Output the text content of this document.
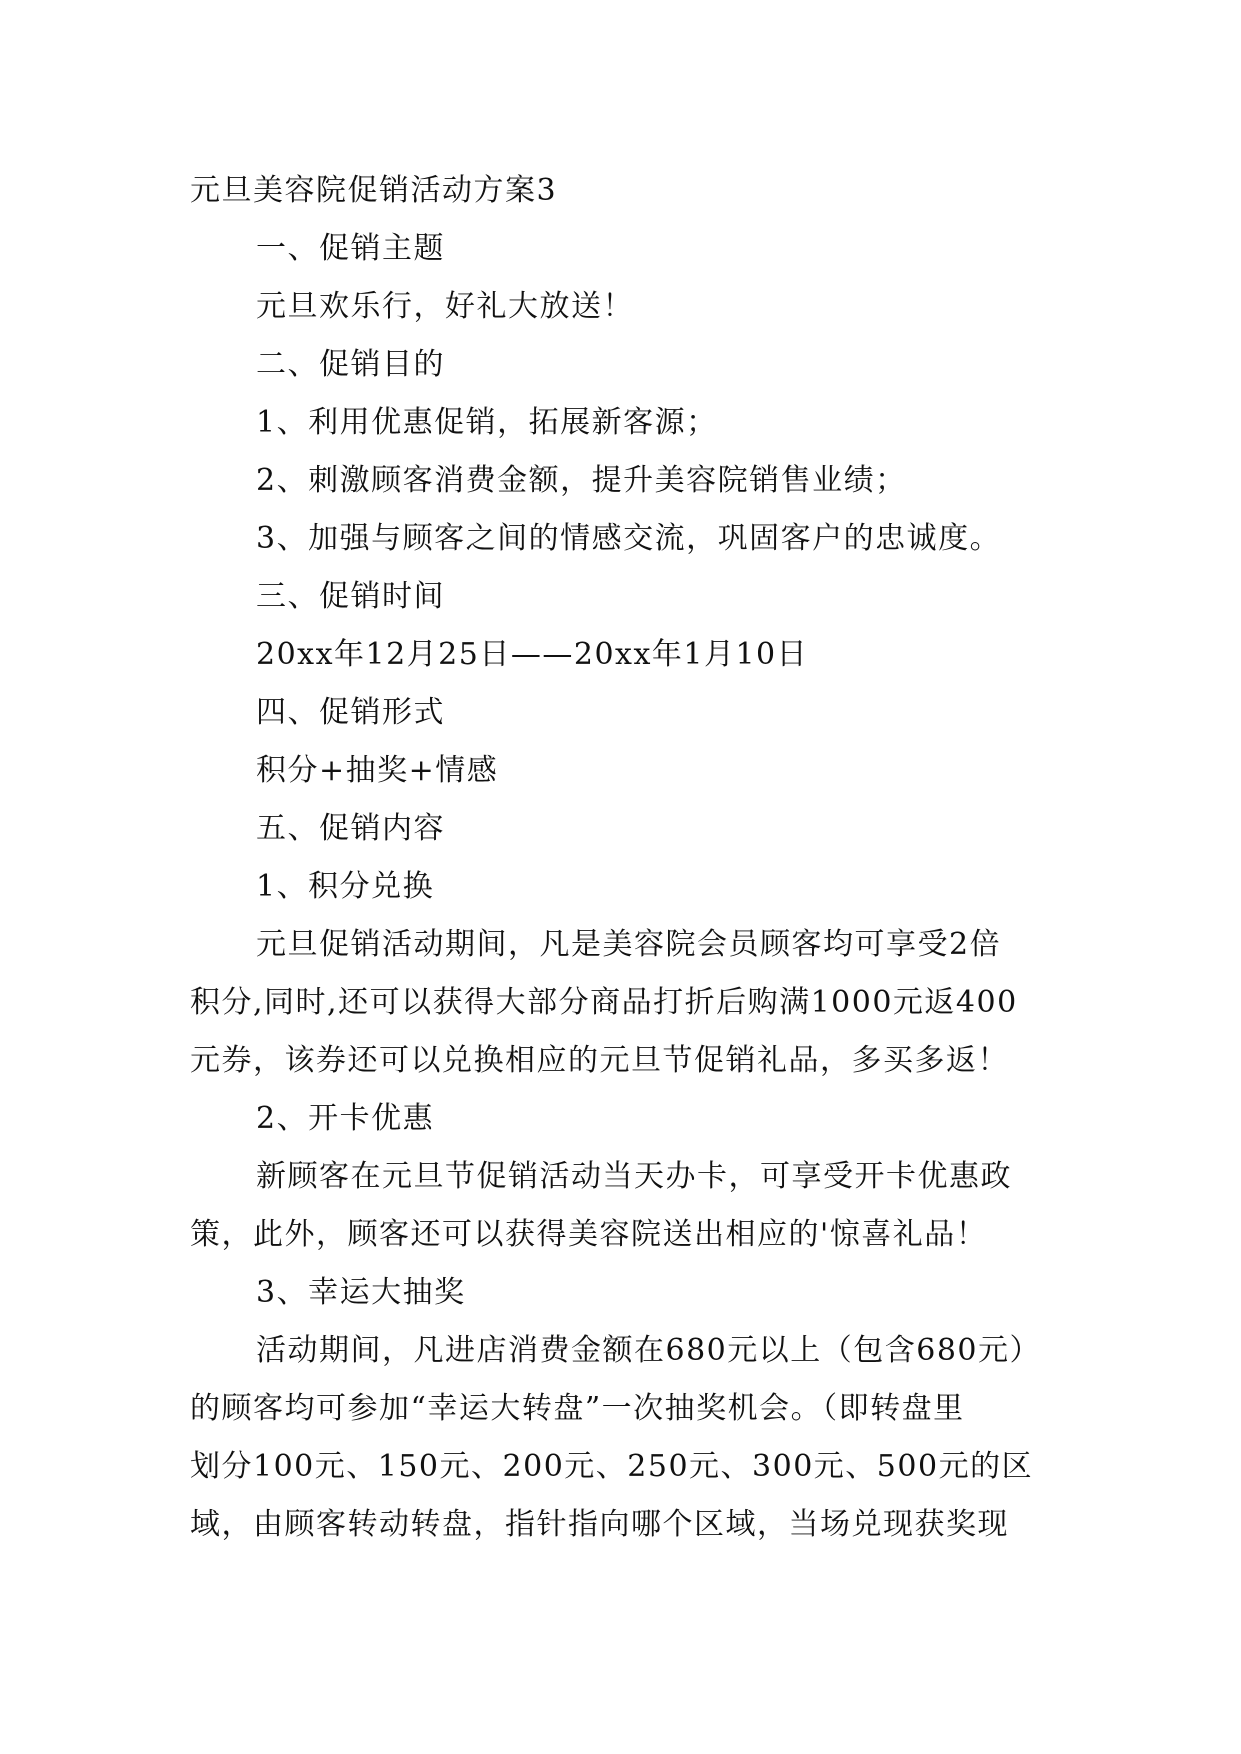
元旦美容院促销活动方案3
一、促销主题
元旦欢乐行，好礼大放送！
二、促销目的
1、利用优惠促销，拓展新客源；
2、刺激顾客消费金额，提升美容院销售业绩；
3、加强与顾客之间的情感交流，巩固客户的忠诚度。
三、促销时间
20xx年12月25日——20xx年1月10日
四、促销形式
积分+抽奖+情感
五、促销内容
1、积分兑换
元旦促销活动期间，凡是美容院会员顾客均可享受2倍
积分,同时,还可以获得大部分商品打折后购满1000元返400
元券，该券还可以兑换相应的元旦节促销礼品，多买多返！
2、开卡优惠
新顾客在元旦节促销活动当天办卡，可享受开卡优惠政
策，此外，顾客还可以获得美容院送出相应的'惊喜礼品！
3、幸运大抽奖
活动期间，凡进店消费金额在680元以上（包含680元）
的顾客均可参加“幸运大转盘”一次抽奖机会。（即转盘里
划分100元、150元、200元、250元、300元、500元的区
域，由顾客转动转盘，指针指向哪个区域，当场兑现获奖现
